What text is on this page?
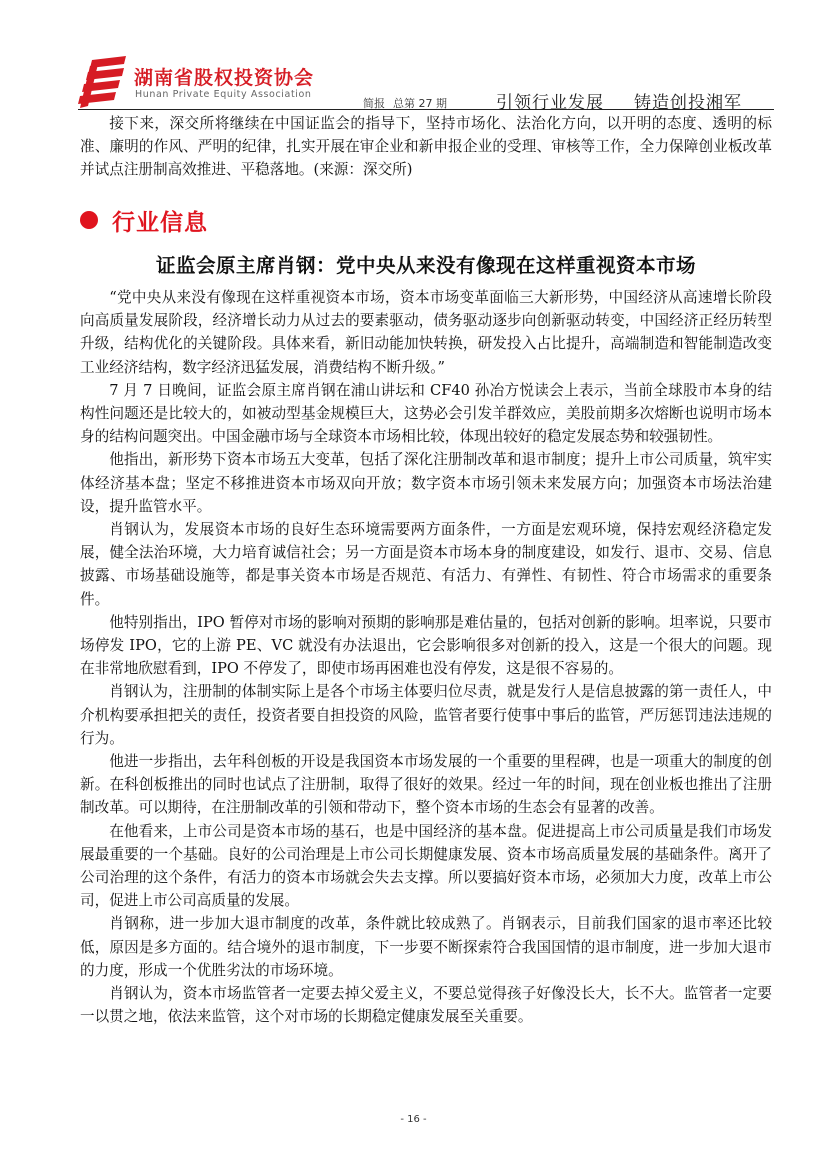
湖南省股权投资协会
Hunan Private Equity Association
简报 总第 27 期	引领行业发展 铸造创投湘军

接下来，深交所将继续在中国证监会的指导下，坚持市场化、法治化方向，以开明的态度、透明的标准、廉明的作风、严明的纪律，扎实开展在审企业和新申报企业的受理、审核等工作，全力保障创业板改革并试点注册制高效推进、平稳落地。(来源：深交所)

行业信息
证监会原主席肖钢：党中央从来没有像现在这样重视资本市场

“党中央从来没有像现在这样重视资本市场，资本市场变革面临三大新形势，中国经济从高速增长阶段向高质量发展阶段，经济增长动力从过去的要素驱动，债务驱动逐步向创新驱动转变，中国经济正经历转型升级，结构优化的关键阶段。具体来看，新旧动能加快转换，研发投入占比提升，高端制造和智能制造改变工业经济结构，数字经济迅猛发展，消费结构不断升级。”

7 月 7 日晚间，证监会原主席肖钢在浦山讲坛和 CF40 孙冶方悦读会上表示，当前全球股市本身的结构性问题还是比较大的，如被动型基金规模巨大，这势必会引发羊群效应，美股前期多次熔断也说明市场本身的结构问题突出。中国金融市场与全球资本市场相比较，体现出较好的稳定发展态势和较强韧性。

他指出，新形势下资本市场五大变革，包括了深化注册制改革和退市制度；提升上市公司质量，筑牢实体经济基本盘；坚定不移推进资本市场双向开放；数字资本市场引领未来发展方向；加强资本市场法治建设，提升监管水平。

肖钢认为，发展资本市场的良好生态环境需要两方面条件，一方面是宏观环境，保持宏观经济稳定发展，健全法治环境，大力培育诚信社会；另一方面是资本市场本身的制度建设，如发行、退市、交易、信息披露、市场基础设施等，都是事关资本市场是否规范、有活力、有弹性、有韧性、符合市场需求的重要条件。

他特别指出，IPO 暂停对市场的影响对预期的影响那是难估量的，包括对创新的影响。坦率说，只要市场停发 IPO，它的上游 PE、VC 就没有办法退出，它会影响很多对创新的投入，这是一个很大的问题。现在非常地欣慰看到，IPO 不停发了，即使市场再困难也没有停发，这是很不容易的。

肖钢认为，注册制的体制实际上是各个市场主体要归位尽责，就是发行人是信息披露的第一责任人，中介机构要承担把关的责任，投资者要自担投资的风险，监管者要行使事中事后的监管，严厉惩罚违法违规的行为。

他进一步指出，去年科创板的开设是我国资本市场发展的一个重要的里程碑，也是一项重大的制度的创新。在科创板推出的同时也试点了注册制，取得了很好的效果。经过一年的时间，现在创业板也推出了注册制改革。可以期待，在注册制改革的引领和带动下，整个资本市场的生态会有显著的改善。

在他看来，上市公司是资本市场的基石，也是中国经济的基本盘。促进提高上市公司质量是我们市场发展最重要的一个基础。良好的公司治理是上市公司长期健康发展、资本市场高质量发展的基础条件。离开了公司治理的这个条件，有活力的资本市场就会失去支撑。所以要搞好资本市场，必须加大力度，改革上市公司，促进上市公司高质量的发展。

肖钢称，进一步加大退市制度的改革，条件就比较成熟了。肖钢表示，目前我们国家的退市率还比较低，原因是多方面的。结合境外的退市制度，下一步要不断探索符合我国国情的退市制度，进一步加大退市的力度，形成一个优胜劣汰的市场环境。

肖钢认为，资本市场监管者一定要去掉父爱主义，不要总觉得孩子好像没长大，长不大。监管者一定要一以贯之地，依法来监管，这个对市场的长期稳定健康发展至关重要。

- 16 -
